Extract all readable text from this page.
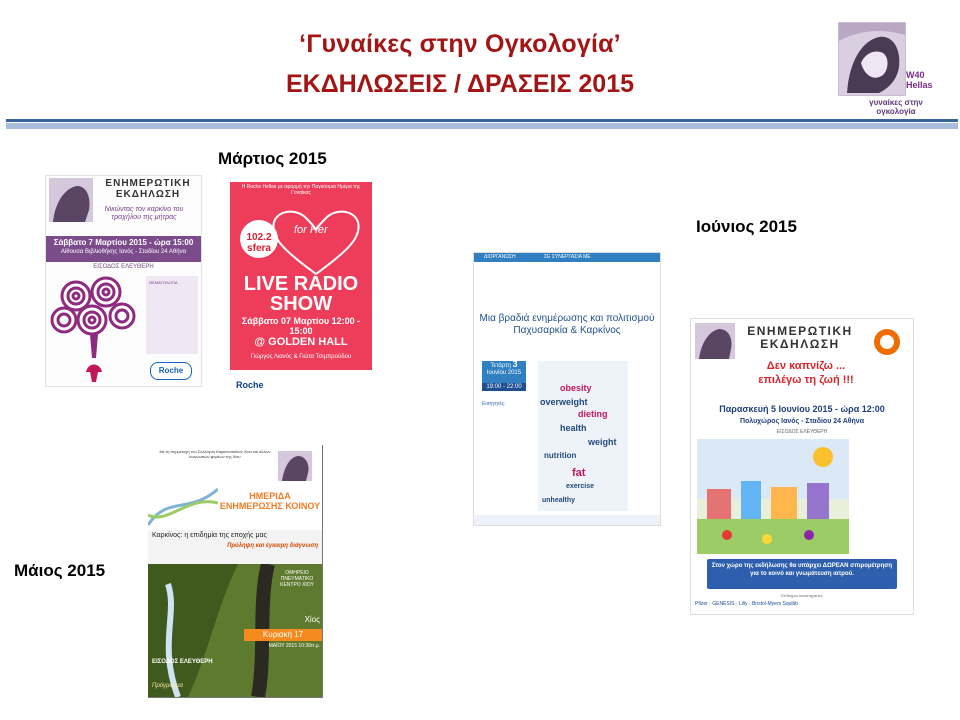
‘Γυναίκες στην Ογκολογία’
ΕΚΔΗΛΩΣΕΙΣ / ΔΡΑΣΕΙΣ 2015	W40 Hellas
γυναίκες στην ογκολογία
Μάρτιος 2015
Ιούνιος 2015
Μάιος 2015
ΕΝΗΜΕΡΩΤΙΚΗ ΕΚΔΗΛΩΣΗ
Νικώντας τον καρκίνο του τραχήλου της μήτρας
Σάββατο 7 Μαρτίου 2015 - ώρα 15:00
Αίθουσα Βιβλιοθήκης Ιανός - Σταδίου 24 Αθήνα
ΕΙΣΟΔΟΣ ΕΛΕΥΘΕΡΗ
ΘΕΜΑΤΟΛΟΓΙΑ
Roche
Η Roche Hellas με αφορμή την Παγκόσμια Ημέρα της Γυναίκας
102.2 sfera
for Her
LIVE RADIO SHOW
Σάββατο 07 Μαρτίου 12:00 - 15:00
@ GOLDEN HALL
Γιώργος Λιανός & Γιώτα Τσιμπρούδου
Roche
ΔΙΟΡΓΑΝΩΣΗ	ΣΕ ΣΥΝΕΡΓΑΣΙΑ ΜΕ
Μια βραδιά ενημέρωσης και πολιτισμού Παχυσαρκία & Καρκίνος
Τετάρτη 3
Ιουνίου 2015
19:00 - 22:00
Εισηγητές:
obesity
overweight
dieting
health
weight
nutrition
fat
exercise
unhealthy
ΕΝΗΜΕΡΩΤΙΚΗ ΕΚΔΗΛΩΣΗ
Δεν καπνίζω ...
επιλέγω τη ζωή !!!
Παρασκευή 5 Ιουνίου 2015 - ώρα 12:00
Πολυχώρος Ιανός - Σταδίου 24 Αθήνα
ΕΙΣΟΔΟΣ ΕΛΕΥΘΕΡΗ
Στον χώρο της εκδήλωσης θα υπάρχει ΔΩΡΕΑΝ σπιρομέτρηση για το κοινό και γνωμάτευση ιατρού.
Επίσημοι υποστηρικτές
Pfizer · GENESIS · Lilly · Bristol-Myers Squibb
Με τη συμμετοχή του Συλλόγου Καρκινοπαθών Χίου και άλλων κοινωνικών φορέων της Χίου
ΗΜΕΡΙΔΑ ΕΝΗΜΕΡΩΣΗΣ ΚΟΙΝΟΥ
Καρκίνος: η επιδημία της εποχής μας
Πρόληψη και έγκαιρη διάγνωση
ΟΜΗΡΕΙΟ ΠΝΕΥΜΑΤΙΚΟ ΚΕΝΤΡΟ ΧΙΟΥ
Χίος
Κυριακή 17
ΜΑΪΟΥ 2015 10:30π.μ.
ΕΙΣΟΔΟΣ ΕΛΕΥΘΕΡΗ
Πρόγραμμα
